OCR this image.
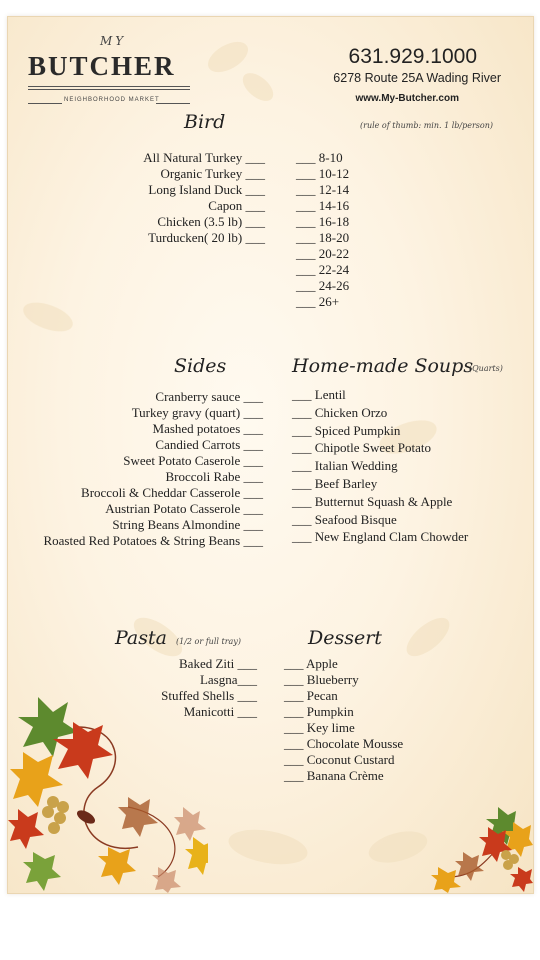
MY
BUTCHER
NEIGHBORHOOD MARKET
631.929.1000
6278 Route 25A Wading River
www.My-Butcher.com
Bird	(rule of thumb: min. 1 lb/person)
All Natural Turkey ___
Organic Turkey ___
Long Island Duck ___
Capon ___
Chicken (3.5 lb) ___
Turducken( 20 lb) ___
___ 8-10
___ 10-12
___ 12-14
___ 14-16
___ 16-18
___ 18-20
___ 20-22
___ 22-24
___ 24-26
___ 26+
Sides
Cranberry sauce ___
Turkey gravy (quart) ___
Mashed potatoes ___
Candied Carrots ___
Sweet Potato Caserole ___
Broccoli Rabe ___
Broccoli & Cheddar Casserole ___
Austrian Potato Casserole ___
String Beans Almondine ___
Roasted Red Potatoes & String Beans ___
Home-made Soups
(Quarts)
___ Lentil
___ Chicken Orzo
___ Spiced Pumpkin
___ Chipotle Sweet Potato
___ Italian Wedding
___ Beef Barley
___ Butternut Squash & Apple
___ Seafood Bisque
___ New England Clam Chowder
Pasta (1/2 or full tray)
Baked Ziti ___
Lasgna___
Stuffed Shells ___
Manicotti ___
Dessert
___ Apple
___ Blueberry
___ Pecan
___ Pumpkin
___ Key lime
___ Chocolate Mousse
___ Coconut Custard
___ Banana Crème
